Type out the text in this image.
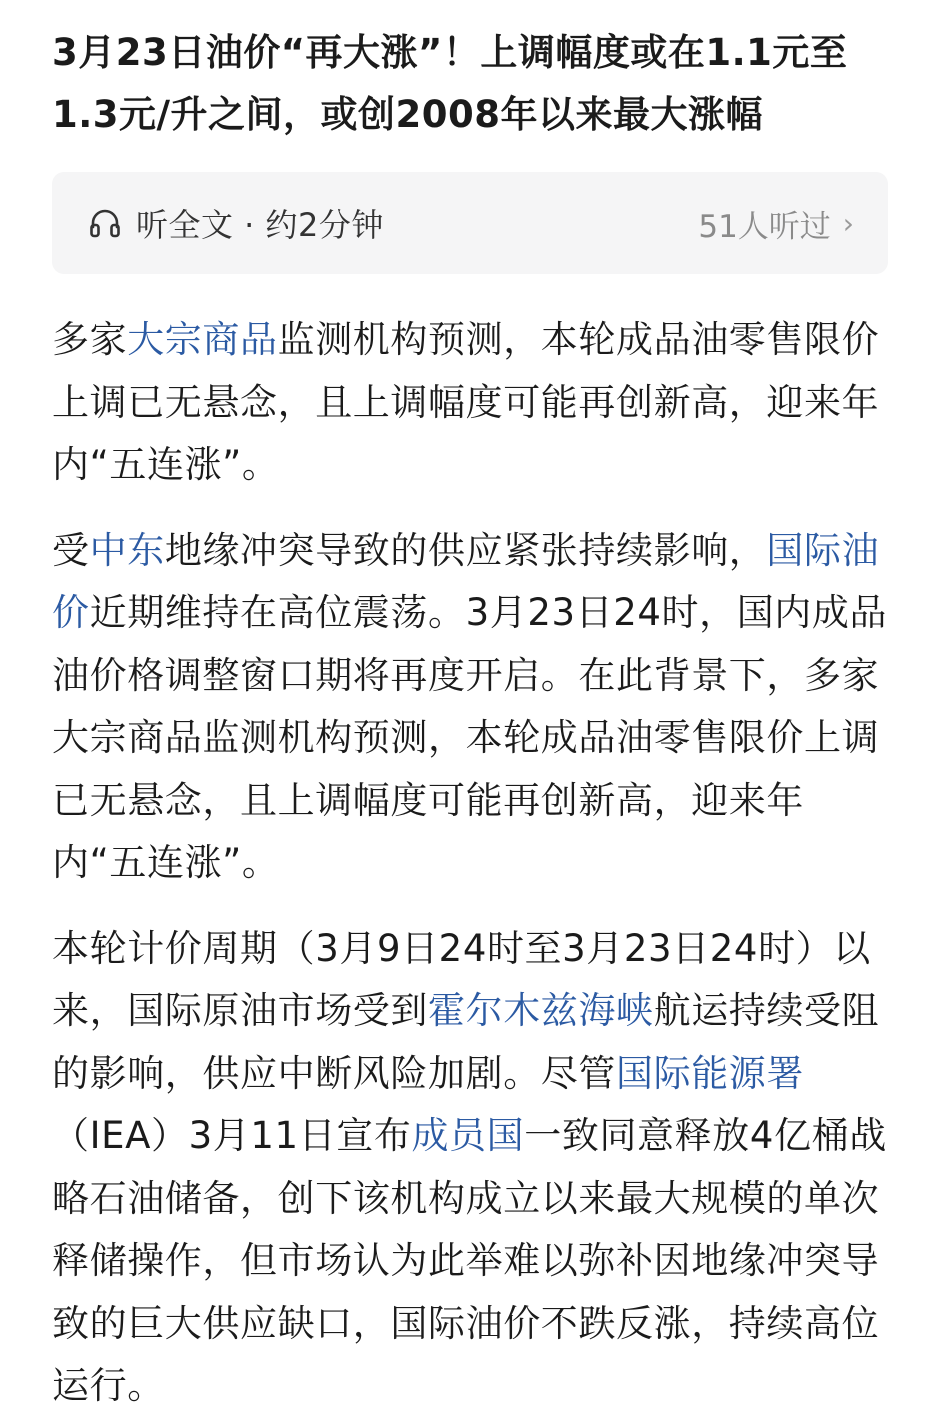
3月23日油价“再大涨”！上调幅度或在1.1元至1.3元/升之间，或创2008年以来最大涨幅
听全文 · 约2分钟	51人听过 ›

多家大宗商品监测机构预测，本轮成品油零售限价上调已无悬念，且上调幅度可能再创新高，迎来年内“五连涨”。

受中东地缘冲突导致的供应紧张持续影响，国际油价近期维持在高位震荡。3月23日24时，国内成品油价格调整窗口期将再度开启。在此背景下，多家大宗商品监测机构预测，本轮成品油零售限价上调已无悬念，且上调幅度可能再创新高，迎来年内“五连涨”。

本轮计价周期（3月9日24时至3月23日24时）以来，国际原油市场受到霍尔木兹海峡航运持续受阻的影响，供应中断风险加剧。尽管国际能源署（IEA）3月11日宣布成员国一致同意释放4亿桶战略石油储备，创下该机构成立以来最大规模的单次释储操作，但市场认为此举难以弥补因地缘冲突导致的巨大供应缺口，国际油价不跌反涨，持续高位运行。
